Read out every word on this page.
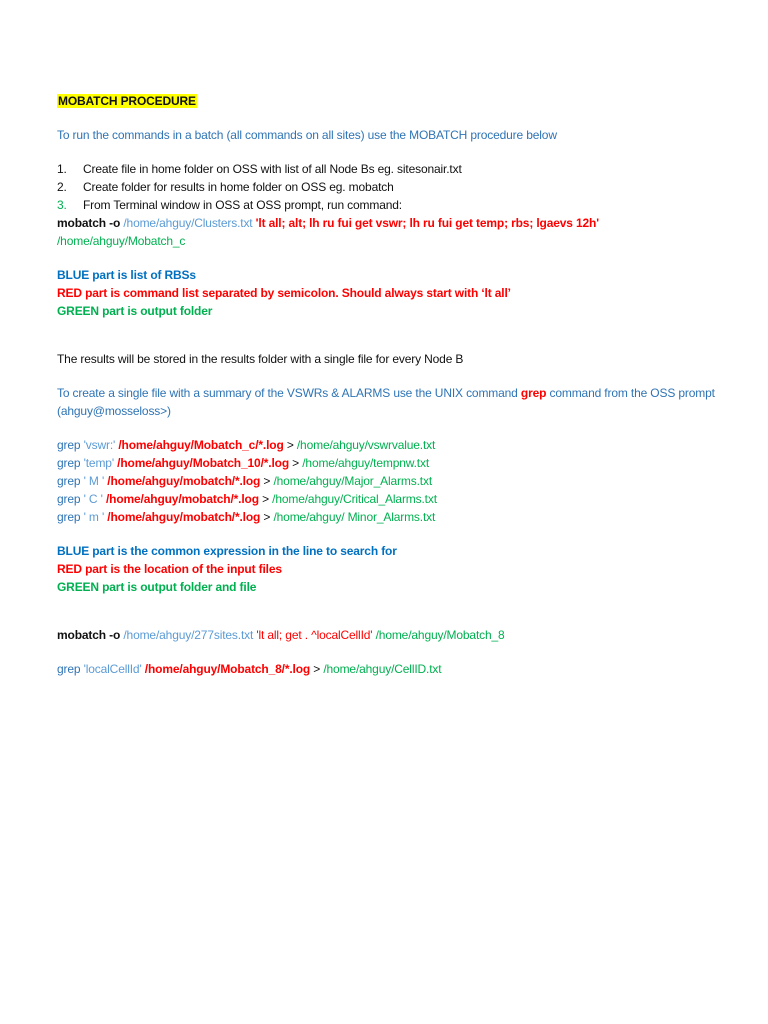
MOBATCH PROCEDURE
To run the commands in a batch (all commands on all sites) use the MOBATCH procedure below
1. Create file in home folder on OSS with list of all Node Bs eg. sitesonair.txt
2. Create folder for results in home folder on OSS eg. mobatch
3. From Terminal window in OSS at OSS prompt, run command:
mobatch -o /home/ahguy/Clusters.txt 'lt all; alt; lh ru fui get vswr; lh ru fui get temp; rbs; lgaevs 12h'
/home/ahguy/Mobatch_c
BLUE part is list of RBSs
RED part is command list separated by semicolon. Should always start with ‘lt all’
GREEN part is output folder
The results will be stored in the results folder with a single file for every Node B
To create a single file with a summary of the VSWRs & ALARMS use the UNIX command grep command from the OSS prompt (ahguy@mosseloss>)
grep 'vswr:' /home/ahguy/Mobatch_c/*.log > /home/ahguy/vswrvalue.txt
grep 'temp' /home/ahguy/Mobatch_10/*.log > /home/ahguy/tempnw.txt
grep ' M ' /home/ahguy/mobatch/*.log > /home/ahguy/Major_Alarms.txt
grep ' C ' /home/ahguy/mobatch/*.log > /home/ahguy/Critical_Alarms.txt
grep ' m ' /home/ahguy/mobatch/*.log > /home/ahguy/ Minor_Alarms.txt
BLUE part is the common expression in the line to search for
RED part is the location of the input files
GREEN part is output folder and file
mobatch -o /home/ahguy/277sites.txt 'lt all; get . ^localCellId' /home/ahguy/Mobatch_8
grep 'localCellId' /home/ahguy/Mobatch_8/*.log > /home/ahguy/CellID.txt
